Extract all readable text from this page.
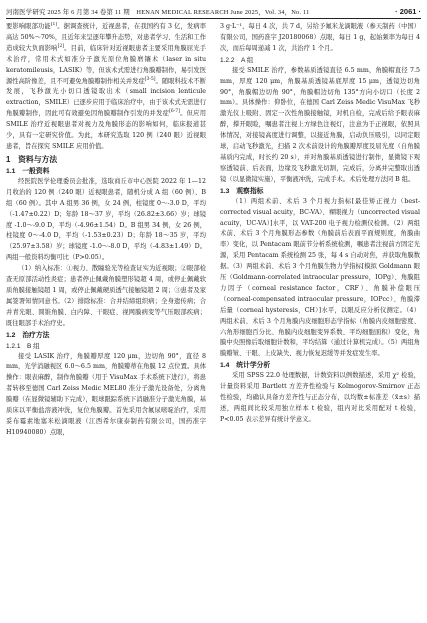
河南医学研究 2025 年 6 月第 34 卷第 11 期　HENAN MEDICAL RESEARCH June 2025，Vol. 34，No. 11	· 2061 ·

要影响眼部功能[1]。据调查统计，近视患者，在我国约有 3 亿，发病率高达 50%～70%，且近年来呈逐年攀升态势，对患者学习、生活和工作造成较大负面影响[2]。目前，临床针对近视眼患者主要采用角膜屈光手术治疗，常用术式如准分子激光原位角膜磨镶术（laser in situ keratomileusis，LASIK）等，但该术式需进行角膜瓣制作，易引发医源性高阶像差，且不可避免角膜瓣制作相关并发症[3-5]。随眼科技术不断发展，飞秒激光小切口透镜取出术（small incision lenticule extraction，SMILE）已逐步应用于临床治疗中，由于该术式无需进行角膜瓣制作，因此可有效避免因角膜瓣制作引发的并发症[6-7]。但应用 SMILE 治疗近视眼患者对视力及角膜形态的影响如何，临床报道甚少，具有一定研究价值。为此，本研究选取 120 例（240 眼）近视眼患者，旨在探究 SMILE 应用价值。

1　资料与方法
1.1　一般资料

经医院医学伦理委员会批准，选取商丘市中心医院 2022 年 1—12 月收治的 120 例（240 眼）近视眼患者，随机分成 A 组（60 例）、B 组（60 例）。其中 A 组男 36 例，女 24 例，柱镜度 0～-3.0 D，平均（-1.47±0.22）D；年龄 18～37 岁，平均（26.82±3.66）岁；球镜度 -1.0～-9.0 D，平均（-4.96±1.54）D。B 组男 34 例，女 26 例，柱镜度 0～-4.0 D，平均（-1.53±0.23）D；年龄 18～35 岁，平均（25.97±3.58）岁；球镜度 -1.0～-8.0 D，平均（-4.83±1.49）D。两组一般资料均衡可比（P>0.05）。

（1）纳入标准：①视力、散瞳验光等检查证实为近视眼；②眼部检查无原部活动性炎症；患者停止佩戴角膜塑形镜超 4 周，或停止佩戴软质角膜接触镜超 1 周，或停止佩戴硬质透气接触镜超 2 周；③患者及家属签署知情同意书。（2）排除标准：合并结缔组织病；全身遗传病；合并青光眼、圆锥角膜、白内障、干眼症、视网膜病变等气压眼部疾病；既往眼部手术治疗史。

1.2　治疗方法
1.2.1　B 组

接受 LASIK 治疗，角膜瓣厚度 120 μm，边切角 90°，直径 8 mm，光学消融视区 6.0～6.5 mm，角膜瓣蒂在角膜 12 点位置。具体操作：眼表麻醉，制作角膜瓣（用于 VisuMax 手术系统下进行），将患者转移至德国 Carl Zeiss Medic MEL80 准分子激光设备处，分离角膜瓣（在显微镜辅助下完成），眼球跟踪系统下消融准分子激光角膜，基质床以平衡盐溶液冲洗，复位角膜瓣。首先采用含氟尿嘧啶治疗，采用妥布霉素地塞米松滴眼液（江西希尔康泰制药有限公司，国药准字 H10940080）点眼，

3 g·L⁻¹，每日 4 次，共 7 d，另给予氟米龙滴眼液（参天制药（中国）有限公司，国药准字 J20180068）点眼，每日 1 g，起始频率为每日 4 次，而后每周递减 1 次，共治疗 1 个月。

1.2.2　A 组

接受 SMILE 治疗，参数基质透镜直径 6.5 mm，角膜帽直径 7.5 mm，厚度 120 μm，角膜基质透镜基底厚度 15 μm，透镜边切角 90°，角膜帽边切角 90°，角膜帽边切角 135°方向小切口（长度 2 mm）。具体操作：仰卧位，在德国 Carl Zeiss Medic VisuMax 飞秒激光仪上吸附、固定一次性角膜接触镜，对机自检，完成后给予眼表麻醉，撑开眼睑，嘱患者注视上方绿色注视灯，注意为于正视眼，依照具体情况，对接镜高度进行调整，以接近角膜，启动负压吸引，以同定眼球，启动飞秒激光，扫描 2 次术前设计的角膜瓣厚度及屈光度（自角膜基质内完成，时长约 20 s），并对角膜基质透镜进行制作，显微镜下观察透镜前、后表面，边缘及飞秒激光切割，完成后，分离并完整取出透镜（以显微镜实施），平衡液冲洗，完成手术。术后处理方法同 B 组。

1.3　观察指标

（1）两组术前、术后 3 个月视力指标[最佳矫正视力（best-corrected visual acuity，BC-VA）、裸眼视力（uncorrected visual acuity，UC-VA）]水平，以 VAT-200 电子视力检测仪检测。（2）两组术前、术后 3 个月角膜形态参数（角膜前后表面平面规则度，角膜曲率）变化，以 Pentacam 眼前节分析系统检测，嘱患者注视前方固定光源，采用 Pentacam 系统检测 25 张，每 4 s 自动对焦，并获取角膜数据。（3）两组术前、术后 3 个月角膜生物力学指标[模拟 Goldmann 眼压（Goldmann-correlated intraocular pressure，IOPg）、角膜阻力因子（corneal resistance factor，CRF）、角膜补偿眼压（corneal-compensated intraocular pressure，IOPcc）、角膜滞后量（corneal hysteresis，CH）]水平，以眼反应分析仪测定。（4）两组术前、术后 3 个月角膜内皮细胞形态学指标（角膜内皮细胞密度、六角形细胞百分比、角膜内皮细胞变异系数、平均细胞面积）变化，角膜中央照像后取细胞计数和，平均结算（通过计算机完成）。（5）两组角膜瓣皱、干眼、上皮缺失、视力恢复迟缓等并发症发生率。

1.4　统计学分析

采用 SPSS 22.0 处理数据，计数资料以例数描述，采用 χ² 检验，计量资料采用 Bartlett 方差齐性检验与 Kolmogorov-Smirnov 正态性检验，均确认具备方差齐性与正态分布，以均数±标准差（x̄±s）描述，两组间比较采用独立样本 t 检验，组内对比采用配对 t 检验，P<0.05 表示差异有统计学意义。
